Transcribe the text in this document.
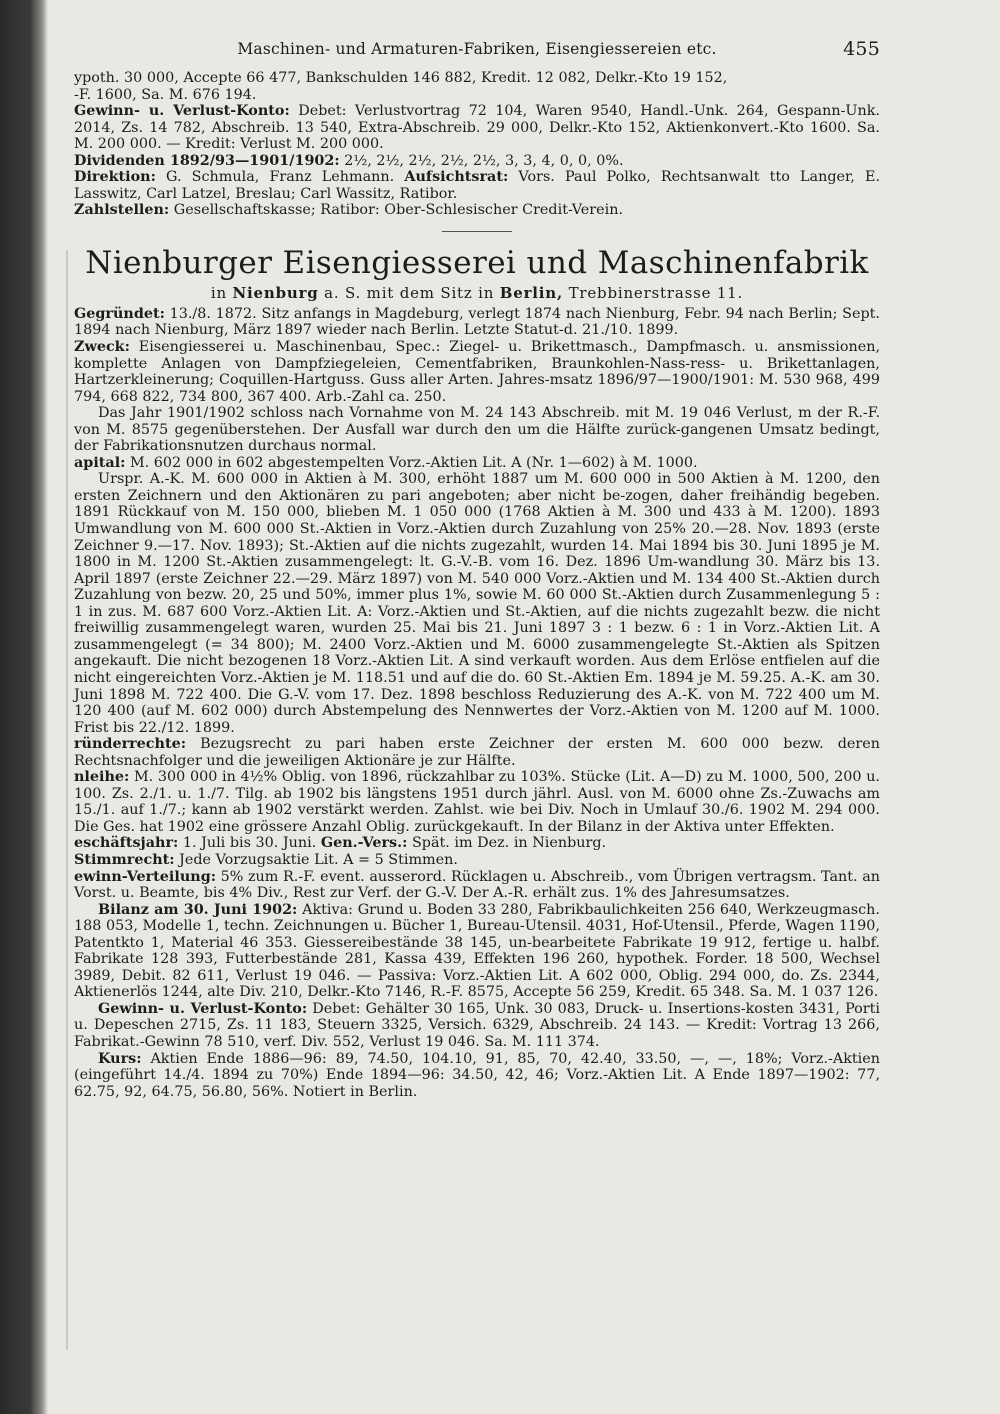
Maschinen- und Armaturen-Fabriken, Eisengiessereien etc.	455

ypoth. 30 000, Accepte 66 477, Bankschulden 146 882, Kredit. 12 082, Delkr.-Kto 19 152,

-F. 1600, Sa. M. 676 194.

Gewinn- u. Verlust-Konto: Debet: Verlustvortrag 72 104, Waren 9540, Handl.-Unk. 264, Gespann-Unk. 2014, Zs. 14 782, Abschreib. 13 540, Extra-Abschreib. 29 000, Delkr.-Kto 152, Aktienkonvert.-Kto 1600. Sa. M. 200 000. — Kredit: Verlust M. 200 000.

Dividenden 1892/93—1901/1902: 2½, 2½, 2½, 2½, 2½, 3, 3, 4, 0, 0, 0%.

Direktion: G. Schmula, Franz Lehmann. Aufsichtsrat: Vors. Paul Polko, Rechtsanwalt tto Langer, E. Lasswitz, Carl Latzel, Breslau; Carl Wassitz, Ratibor.

Zahlstellen: Gesellschaftskasse; Ratibor: Ober-Schlesischer Credit-Verein.

Nienburger Eisengiesserei und Maschinenfabrik
in Nienburg a. S. mit dem Sitz in Berlin, Trebbinerstrasse 11.

Gegründet: 13./8. 1872. Sitz anfangs in Magdeburg, verlegt 1874 nach Nienburg, Febr. 94 nach Berlin; Sept. 1894 nach Nienburg, März 1897 wieder nach Berlin. Letzte Statut-d. 21./10. 1899.

Zweck: Eisengiesserei u. Maschinenbau, Spec.: Ziegel- u. Brikettmasch., Dampfmasch. u. ansmissionen, komplette Anlagen von Dampfziegeleien, Cementfabriken, Braunkohlen-Nass-ress- u. Brikettanlagen, Hartzerkleinerung; Coquillen-Hartguss. Guss aller Arten. Jahres-msatz 1896/97—1900/1901: M. 530 968, 499 794, 668 822, 734 800, 367 400. Arb.-Zahl ca. 250.

Das Jahr 1901/1902 schloss nach Vornahme von M. 24 143 Abschreib. mit M. 19 046 Verlust, m der R.-F. von M. 8575 gegenüberstehen. Der Ausfall war durch den um die Hälfte zurück-gangenen Umsatz bedingt, der Fabrikationsnutzen durchaus normal.

apital: M. 602 000 in 602 abgestempelten Vorz.-Aktien Lit. A (Nr. 1—602) à M. 1000.

Urspr. A.-K. M. 600 000 in Aktien à M. 300, erhöht 1887 um M. 600 000 in 500 Aktien à M. 1200, den ersten Zeichnern und den Aktionären zu pari angeboten; aber nicht be-zogen, daher freihändig begeben. 1891 Rückkauf von M. 150 000, blieben M. 1 050 000 (1768 Aktien à M. 300 und 433 à M. 1200). 1893 Umwandlung von M. 600 000 St.-Aktien in Vorz.-Aktien durch Zuzahlung von 25% 20.—28. Nov. 1893 (erste Zeichner 9.—17. Nov. 1893); St.-Aktien auf die nichts zugezahlt, wurden 14. Mai 1894 bis 30. Juni 1895 je M. 1800 in M. 1200 St.-Aktien zusammengelegt: lt. G.-V.-B. vom 16. Dez. 1896 Um-wandlung 30. März bis 13. April 1897 (erste Zeichner 22.—29. März 1897) von M. 540 000 Vorz.-Aktien und M. 134 400 St.-Aktien durch Zuzahlung von bezw. 20, 25 und 50%, immer plus 1%, sowie M. 60 000 St.-Aktien durch Zusammenlegung 5 : 1 in zus. M. 687 600 Vorz.-Aktien Lit. A: Vorz.-Aktien und St.-Aktien, auf die nichts zugezahlt bezw. die nicht freiwillig zusammengelegt waren, wurden 25. Mai bis 21. Juni 1897 3 : 1 bezw. 6 : 1 in Vorz.-Aktien Lit. A zusammengelegt (= 34 800); M. 2400 Vorz.-Aktien und M. 6000 zusammengelegte St.-Aktien als Spitzen angekauft. Die nicht bezogenen 18 Vorz.-Aktien Lit. A sind verkauft worden. Aus dem Erlöse entfielen auf die nicht eingereichten Vorz.-Aktien je M. 118.51 und auf die do. 60 St.-Aktien Em. 1894 je M. 59.25. A.-K. am 30. Juni 1898 M. 722 400. Die G.-V. vom 17. Dez. 1898 beschloss Reduzierung des A.-K. von M. 722 400 um M. 120 400 (auf M. 602 000) durch Abstempelung des Nennwertes der Vorz.-Aktien von M. 1200 auf M. 1000. Frist bis 22./12. 1899.

ründerrechte: Bezugsrecht zu pari haben erste Zeichner der ersten M. 600 000 bezw. deren Rechtsnachfolger und die jeweiligen Aktionäre je zur Hälfte.

nleihe: M. 300 000 in 4½% Oblig. von 1896, rückzahlbar zu 103%. Stücke (Lit. A—D) zu M. 1000, 500, 200 u. 100. Zs. 2./1. u. 1./7. Tilg. ab 1902 bis längstens 1951 durch jährl. Ausl. von M. 6000 ohne Zs.-Zuwachs am 15./1. auf 1./7.; kann ab 1902 verstärkt werden. Zahlst. wie bei Div. Noch in Umlauf 30./6. 1902 M. 294 000. Die Ges. hat 1902 eine grössere Anzahl Oblig. zurückgekauft. In der Bilanz in der Aktiva unter Effekten.

eschäftsjahr: 1. Juli bis 30. Juni. Gen.-Vers.: Spät. im Dez. in Nienburg.

Stimmrecht: Jede Vorzugsaktie Lit. A = 5 Stimmen.

ewinn-Verteilung: 5% zum R.-F. event. ausserord. Rücklagen u. Abschreib., vom Übrigen vertragsm. Tant. an Vorst. u. Beamte, bis 4% Div., Rest zur Verf. der G.-V. Der A.-R. erhält zus. 1% des Jahresumsatzes.

Bilanz am 30. Juni 1902: Aktiva: Grund u. Boden 33 280, Fabrikbaulichkeiten 256 640, Werkzeugmasch. 188 053, Modelle 1, techn. Zeichnungen u. Bücher 1, Bureau-Utensil. 4031, Hof-Utensil., Pferde, Wagen 1190, Patentkto 1, Material 46 353. Giessereibestände 38 145, un-bearbeitete Fabrikate 19 912, fertige u. halbf. Fabrikate 128 393, Futterbestände 281, Kassa 439, Effekten 196 260, hypothek. Forder. 18 500, Wechsel 3989, Debit. 82 611, Verlust 19 046. — Passiva: Vorz.-Aktien Lit. A 602 000, Oblig. 294 000, do. Zs. 2344, Aktienerlös 1244, alte Div. 210, Delkr.-Kto 7146, R.-F. 8575, Accepte 56 259, Kredit. 65 348. Sa. M. 1 037 126.

Gewinn- u. Verlust-Konto: Debet: Gehälter 30 165, Unk. 30 083, Druck- u. Insertions-kosten 3431, Porti u. Depeschen 2715, Zs. 11 183, Steuern 3325, Versich. 6329, Abschreib. 24 143. — Kredit: Vortrag 13 266, Fabrikat.-Gewinn 78 510, verf. Div. 552, Verlust 19 046. Sa. M. 111 374.

Kurs: Aktien Ende 1886—96: 89, 74.50, 104.10, 91, 85, 70, 42.40, 33.50, —, —, 18%; Vorz.-Aktien (eingeführt 14./4. 1894 zu 70%) Ende 1894—96: 34.50, 42, 46; Vorz.-Aktien Lit. A Ende 1897—1902: 77, 62.75, 92, 64.75, 56.80, 56%. Notiert in Berlin.
